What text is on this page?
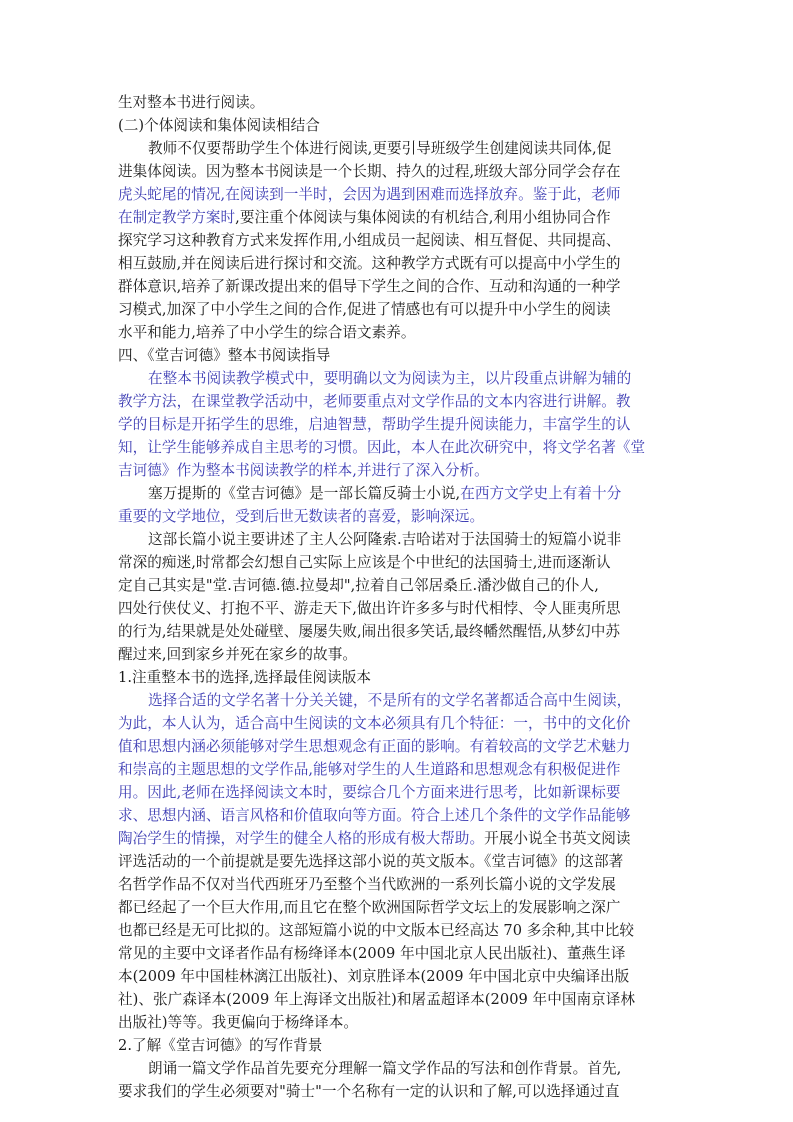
生对整本书进行阅读。
(二)个体阅读和集体阅读相结合
教师不仅要帮助学生个体进行阅读,更要引导班级学生创建阅读共同体,促
进集体阅读。因为整本书阅读是一个长期、持久的过程,班级大部分同学会存在
虎头蛇尾的情况,在阅读到一半时，会因为遇到困难而选择放弃。鉴于此，老师
在制定教学方案时,要注重个体阅读与集体阅读的有机结合,利用小组协同合作
探究学习这种教育方式来发挥作用,小组成员一起阅读、相互督促、共同提高、
相互鼓励,并在阅读后进行探讨和交流。这种教学方式既有可以提高中小学生的
群体意识,培养了新课改提出来的倡导下学生之间的合作、互动和沟通的一种学
习模式,加深了中小学生之间的合作,促进了情感也有可以提升中小学生的阅读
水平和能力,培养了中小学生的综合语文素养。
四、《堂吉诃德》整本书阅读指导
在整本书阅读教学模式中，要明确以文为阅读为主，以片段重点讲解为辅的
教学方法，在课堂教学活动中，老师要重点对文学作品的文本内容进行讲解。教
学的目标是开拓学生的思维，启迪智慧，帮助学生提升阅读能力，丰富学生的认
知，让学生能够养成自主思考的习惯。因此，本人在此次研究中，将文学名著《堂
吉诃德》作为整本书阅读教学的样本,并进行了深入分析。
塞万提斯的《堂吉诃德》是一部长篇反骑士小说,在西方文学史上有着十分
重要的文学地位，受到后世无数读者的喜爱，影响深远。
这部长篇小说主要讲述了主人公阿隆索.吉哈诺对于法国骑士的短篇小说非
常深的痴迷,时常都会幻想自己实际上应该是个中世纪的法国骑士,进而逐渐认
定自己其实是"堂.吉诃德.德.拉曼却",拉着自己邻居桑丘.潘沙做自己的仆人,
四处行侠仗义、打抱不平、游走天下,做出许许多多与时代相悖、令人匪夷所思
的行为,结果就是处处碰壁、屡屡失败,闹出很多笑话,最终幡然醒悟,从梦幻中苏
醒过来,回到家乡并死在家乡的故事。
1.注重整本书的选择,选择最佳阅读版本
选择合适的文学名著十分关关键，不是所有的文学名著都适合高中生阅读，
为此，本人认为，适合高中生阅读的文本必须具有几个特征：一，书中的文化价
值和思想内涵必须能够对学生思想观念有正面的影响。有着较高的文学艺术魅力
和崇高的主题思想的文学作品,能够对学生的人生道路和思想观念有积极促进作
用。因此,老师在选择阅读文本时，要综合几个方面来进行思考，比如新课标要
求、思想内涵、语言风格和价值取向等方面。符合上述几个条件的文学作品能够
陶冶学生的情操，对学生的健全人格的形成有极大帮助。开展小说全书英文阅读
评选活动的一个前提就是要先选择这部小说的英文版本。《堂吉诃德》的这部著
名哲学作品不仅对当代西班牙乃至整个当代欧洲的一系列长篇小说的文学发展
都已经起了一个巨大作用,而且它在整个欧洲国际哲学文坛上的发展影响之深广
也都已经是无可比拟的。这部短篇小说的中文版本已经高达 70 多余种,其中比较
常见的主要中文译者作品有杨绛译本(2009 年中国北京人民出版社)、董燕生译
本(2009 年中国桂林漓江出版社)、刘京胜译本(2009 年中国北京中央编译出版
社)、张广森译本(2009 年上海译文出版社)和屠孟超译本(2009 年中国南京译林
出版社)等等。我更偏向于杨绛译本。
2.了解《堂吉诃德》的写作背景
朗诵一篇文学作品首先要充分理解一篇文学作品的写法和创作背景。首先,
要求我们的学生必须要对"骑士"一个名称有一定的认识和了解,可以选择通过直
